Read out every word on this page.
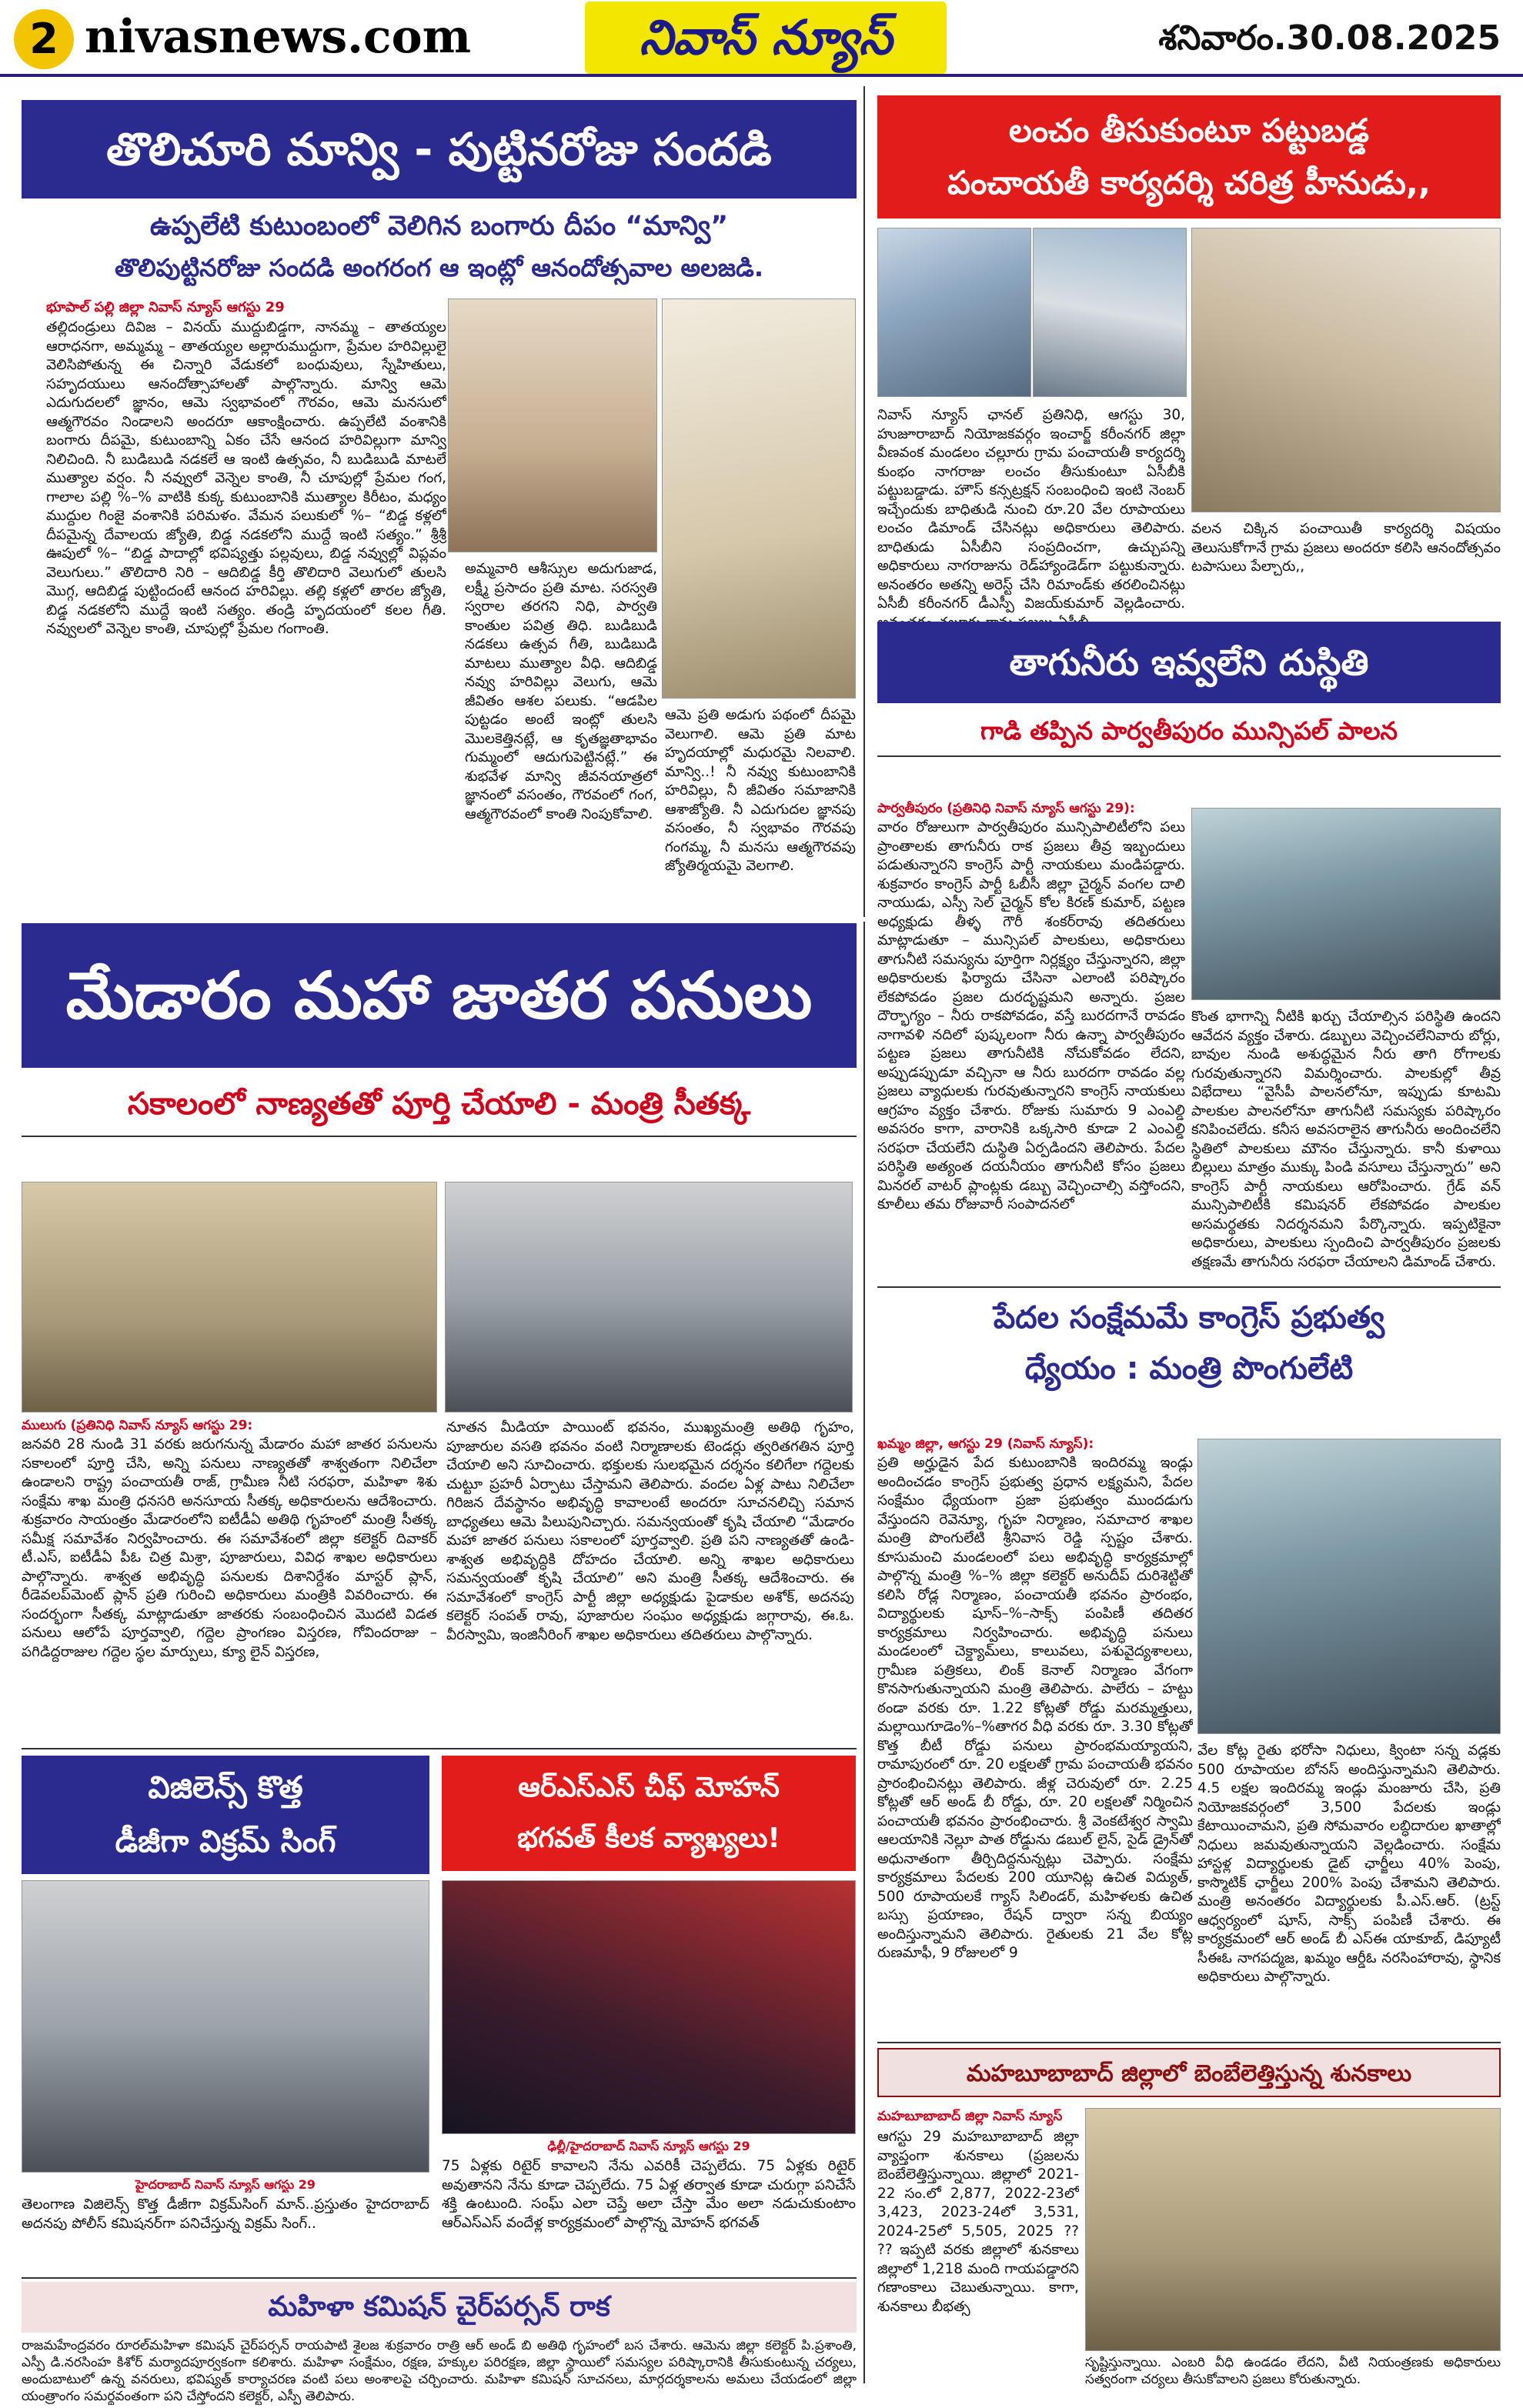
2 nivasnews.com	నివాస్ న్యూస్	శనివారం.30.08.2025
తొలిచూరి మాన్వి - పుట్టినరోజు సందడి
ఉప్పలేటి కుటుంబంలో వెలిగిన బంగారు దీపం “మాన్వి”
తొలిపుట్టినరోజు సందడి అంగరంగ ఆ ఇంట్లో ఆనందోత్సవాల అలజడి.
భూపాల్ పల్లి జిల్లా నివాస్ న్యూస్ ఆగస్టు 29
తల్లిదండ్రులు దివిజ – వినయ్ ముద్దుబిడ్డగా, నానమ్మ – తాతయ్యల ఆరాధనగా, అమ్మమ్మ – తాతయ్యల అల్లారుముద్దుగా, ప్రేమల హరివిల్లులై వెలిసిపోతున్న ఈ చిన్నారి వేడుకలో బంధువులు, స్నేహితులు, సహృదయులు ఆనందోత్సాహాలతో పాల్గొన్నారు. మాన్వి ఆమె ఎదుగుదలలో జ్ఞానం, ఆమె స్వభావంలో గౌరవం, ఆమె మనసులో ఆత్మగౌరవం నిండాలని అందరూ ఆకాంక్షించారు. ఉప్పలేటి వంశానికి బంగారు దీపమై, కుటుంబాన్ని ఏకం చేసే ఆనంద హరివిల్లుగా మాన్వి నిలిచింది. నీ బుడిబుడి నడకలే ఆ ఇంటి ఉత్సవం, నీ బుడిబుడి మాటలే ముత్యాల వర్షం. నీ నవ్వులో వెన్నెల కాంతి, నీ చూపుల్లో ప్రేమల గంగ, గాలాల పల్లి %–% వాటికి కుక్క కుటుంబానికి ముత్యాల కిరీటం, మధ్యం ముద్దుల గింజై వంశానికి పరిమళం. వేమన పలుకులో %– “బిడ్డ కళ్లలో దీపమైన్న దేవాలయ జ్యోతి, బిడ్డ నడకలోని ముద్దే ఇంటి సత్యం.” శ్రీశ్రీ ఊపులో %– “బిడ్డ పాదాల్లో భవిష్యత్తు పల్లవులు, బిడ్డ నవ్వుల్లో విప్లవం వెలుగులు.” తొలిదారి నిరి – ఆదిబిడ్డ కీర్తి తొలిదారి వెలుగులో తులసి మొగ్గ, ఆదిబిడ్డ పుట్టిందంటే ఆనంద హరివిల్లు. తల్లి కళ్లలో తారల జ్యోతి, బిడ్డ నడకలోని ముద్దే ఇంటి సత్యం. తండ్రి హృదయంలో కలల గీతి. నవ్వులలో వెన్నెల కాంతి, చూపుల్లో ప్రేమల గంగాంతి.
అమ్మవారి ఆశీస్సుల అదుగుజాడ, లక్ష్మీ ప్రసాదం ప్రతి మాట. సరస్వతి స్వరాల తరగని నిధి, పార్వతి కాంతుల పవిత్ర తిధి. బుడిబుడి నడకలు ఉత్సవ గీతి, బుడిబుడి మాటలు ముత్యాల వీధి. ఆదిబిడ్డ నవ్వు హరివిల్లు వెలుగు, ఆమె జీవితం ఆశల పలుకు. “ఆడపిల పుట్టడం అంటే ఇంట్లో తులసి మొలకెత్తినట్లే, ఆ కృతజ్ఞతాభావం గుమ్మంలో ఆదుగుపెట్టినట్లే.” ఈ శుభవేళ మాన్వి జీవనయాత్రలో జ్ఞానంలో వసంతం, గౌరవంలో గంగ, ఆత్మగౌరవంలో కాంతి నింపుకోవాలి.
ఆమె ప్రతి అడుగు పథంలో దీపమై వెలుగాలి. ఆమె ప్రతి మాట హృదయాల్లో మధురమై నిలవాలి. మాన్వి..! నీ నవ్వు కుటుంబానికి హరివిల్లు, నీ జీవితం సమాజానికి ఆశాజ్యోతి. నీ ఎదుగుదల జ్ఞానపు వసంతం, నీ స్వభావం గౌరవపు గంగమ్మ, నీ మనసు ఆత్మగౌరవపు జ్యోతిర్మయమై వెలగాలి.
లంచం తీసుకుంటూ పట్టుబడ్డ
పంచాయతీ కార్యదర్శి చరిత్ర హీనుడు,,
నివాస్ న్యూస్ ఛానల్ ప్రతినిధి, ఆగస్టు 30, హుజూరాబాద్ నియోజకవర్గం ఇంచార్జ్ కరీంనగర్ జిల్లా వీణవంక మండలం చల్లూరు గ్రామ పంచాయతీ కార్యదర్శి కుంభం నాగరాజు లంచం తీసుకుంటూ ఏసీబీకి పట్టుబడ్డాడు. హౌస్ కన్సట్రక్షన్ సంబంధించి ఇంటి నెంబర్ ఇచ్చేందుకు బాధితుడి నుంచి రూ.20 వేల రూపాయలు లంచం డిమాండ్ చేసినట్లు అధికారులు తెలిపారు. బాధితుడు ఏసీబీని సంప్రదించగా, ఉచ్చుపన్ని అధికారులు నాగరాజును రెడ్‌హ్యాండెడ్‌గా పట్టుకున్నారు. అనంతరం అతన్ని అరెస్ట్ చేసి రిమాండ్‌కు తరలించినట్లు ఏసీబీ కరీంనగర్ డీఎస్పీ విజయ్‌కుమార్ వెల్లడించారు.
వలన చిక్కిన పంచాయితీ కార్యదర్శి విషయం తెలుసుకోగానే గ్రామ ప్రజలు అందరూ కలిసి ఆనందోత్సవం టపాసులు పేల్చారు,,
తాగునీరు ఇవ్వలేని దుస్థితి
గాడి తప్పిన పార్వతీపురం మున్సిపల్ పాలన
పార్వతీపురం (ప్రతినిధి నివాస్ న్యూస్ ఆగస్టు 29):
వారం రోజులుగా పార్వతీపురం మున్సిపాలిటీలోని పలు ప్రాంతాలకు తాగునీరు రాక ప్రజలు తీవ్ర ఇబ్బందులు పడుతున్నారని కాంగ్రెస్ పార్టీ నాయకులు మండిపడ్డారు. శుక్రవారం కాంగ్రెస్ పార్టీ ఓబీసీ జిల్లా చైర్మన్ వంగల దాలి నాయుడు, ఎస్సీ సెల్ చైర్మన్ కోల కిరణ్ కుమార్, పట్టణ అధ్యక్షుడు తీళ్ళ గౌరీ శంకర్‌రావు తదితరులు మాట్లాడుతూ – మున్సిపల్ పాలకులు, అధికారులు తాగునీటి సమస్యను పూర్తిగా నిర్లక్ష్యం చేస్తున్నారని, జిల్లా అధికారులకు ఫిర్యాదు చేసినా ఎలాంటి పరిష్కారం లేకపోవడం ప్రజల దురదృష్టమని అన్నారు. ప్రజల దౌర్భాగ్యం – నీరు రాకపోవడం, వస్తే బురదగానే రావడం నాగావళి నదిలో పుష్కలంగా నీరు ఉన్నా పార్వతీపురం పట్టణ ప్రజలు తాగునీటికి నోచుకోవడం లేదని, అప్పుడప్పుడూ వచ్చినా ఆ నీరు బురదగా రావడం వల్ల ప్రజలు వ్యాధులకు గురవుతున్నారని కాంగ్రెస్ నాయకులు ఆగ్రహం వ్యక్తం చేశారు. రోజుకు సుమారు 9 ఎంఎల్డి అవసరం కాగా, వారానికి ఒక్కసారి కూడా 2 ఎంఎల్డి సరఫరా చేయలేని దుస్థితి ఏర్పడిందని తెలిపారు. పేదల పరిస్థితి అత్యంత దయనీయం తాగునీటి కోసం ప్రజలు మినరల్ వాటర్ ప్లాంట్లకు డబ్బు వెచ్చించాల్సి వస్తోందని, కూలీలు తమ రోజువారీ సంపాదనలో
కొంత భాగాన్ని నీటికి ఖర్చు చేయాల్సిన పరిస్థితి ఉందని ఆవేదన వ్యక్తం చేశారు. డబ్బులు వెచ్చించలేనివారు బోర్లు, బావుల నుండి అశుద్ధమైన నీరు తాగి రోగాలకు గురవుతున్నారని విమర్శించారు. పాలకుల్లో తీవ్ర విభేదాలు “వైసీపీ పాలనలోనూ, ఇప్పుడు కూటమి పాలకుల పాలనలోనూ తాగునీటి సమస్యకు పరిష్కారం కనిపించలేదు. కనీస అవసరాలైన తాగునీరు అందించలేని స్థితిలో పాలకులు మౌనం చేస్తున్నారు. కానీ కుళాయి బిల్లులు మాత్రం ముక్కు పిండి వసూలు చేస్తున్నారు” అని కాంగ్రెస్ పార్టీ నాయకులు ఆరోపించారు. గ్రేడ్ వన్ మున్సిపాలిటీకి కమిషనర్ లేకపోవడం పాలకుల అసమర్థతకు నిదర్శనమని పేర్కొన్నారు. ఇప్పటికైనా అధికారులు, పాలకులు స్పందించి పార్వతీపురం ప్రజలకు తక్షణమే తాగునీరు సరఫరా చేయాలని డిమాండ్ చేశారు.
మేడారం మహా జాతర పనులు
సకాలంలో నాణ్యతతో పూర్తి చేయాలి - మంత్రి సీతక్క
ములుగు (ప్రతినిధి నివాస్ న్యూస్ ఆగస్టు 29:
జనవరి 28 నుండి 31 వరకు జరుగనున్న మేడారం మహా జాతర పనులను సకాలంలో పూర్తి చేసి, అన్ని పనులు నాణ్యతతో శాశ్వతంగా నిలిచేలా ఉండాలని రాష్ట్ర పంచాయతీ రాజ్, గ్రామీణ నీటి సరఫరా, మహిళా శిశు సంక్షేమ శాఖ మంత్రి ధనసరి అనసూయ సీతక్క అధికారులను ఆదేశించారు. శుక్రవారం సాయంత్రం మేడారంలోని ఐటీడీఏ అతిథి గృహంలో మంత్రి సీతక్క సమీక్ష సమావేశం నిర్వహించారు. ఈ సమావేశంలో జిల్లా కలెక్టర్ దివాకర్ టీ.ఎస్, ఐటీడీఏ పీఓ చిత్ర మిశ్రా, పూజారులు, వివిధ శాఖల అధికారులు పాల్గొన్నారు. శాశ్వత అభివృద్ధి పనులకు దిశానిర్దేశం మాస్టర్ ప్లాన్, రీడెవలప్‌మెంట్ ప్లాన్ ప్రతి గురించి అధికారులు మంత్రికి వివరించారు. ఈ సందర్భంగా సీతక్క మాట్లాడుతూ జాతరకు సంబంధించిన మొదటి విడత పనులు ఆలోపే పూర్తవ్వాలి, గద్దెల ప్రాంగణం విస్తరణ, గోవిందరాజు – పగిడిద్దరాజుల గద్దెల స్థల మార్పులు, క్యూ లైన్ విస్తరణ,
నూతన మీడియా పాయింట్ భవనం, ముఖ్యమంత్రి అతిథి గృహం, పూజారుల వసతి భవనం వంటి నిర్మాణాలకు టెండర్లు త్వరితగతిన పూర్తి చేయాలి అని సూచించారు. భక్తులకు సులభమైన దర్శనం కలిగేలా గద్దెలకు చుట్టూ ప్రహరీ ఏర్పాటు చేస్తామని తెలిపారు. వందల ఏళ్ల పాటు నిలిచేలా గిరిజన దేవస్థానం అభివృద్ధి కావాలంటే అందరూ సూచనలిచ్చి సమాన బాధ్యతలు ఆమె పిలుపునిచ్చారు. సమన్వయంతో కృషి చేయాలి “మేడారం మహా జాతర పనులు సకాలంలో పూర్తవ్వాలి. ప్రతి పని నాణ్యతతో ఉండి-శాశ్వత అభివృద్ధికి దోహదం చేయాలి. అన్ని శాఖల అధికారులు సమన్వయంతో కృషి చేయాలి” అని మంత్రి సీతక్క ఆదేశించారు. ఈ సమావేశంలో కాంగ్రెస్ పార్టీ జిల్లా అధ్యక్షుడు పైడాకుల అశోక్, అదనపు కలెక్టర్ సంపత్ రావు, పూజారుల సంఘం అధ్యక్షుడు జగ్గారావు, ఈ.ఓ. వీరస్వామి, ఇంజినీరింగ్ శాఖల అధికారులు తదితరులు పాల్గొన్నారు.
పేదల సంక్షేమమే కాంగ్రెస్ ప్రభుత్వ
ధ్యేయం : మంత్రి పొంగులేటి
ఖమ్మం జిల్లా, ఆగస్టు 29 (నివాస్ న్యూస్):
ప్రతి అర్హుడైన పేద కుటుంబానికి ఇందిరమ్మ ఇండ్లు అందించడం కాంగ్రెస్ ప్రభుత్వ ప్రధాన లక్ష్యమని, పేదల సంక్షేమం ధ్యేయంగా ప్రజా ప్రభుత్వం ముందడుగు వేస్తుందని రెవెన్యూ, గృహ నిర్మాణం, సమాచార శాఖల మంత్రి పొంగులేటి శ్రీనివాస రెడ్డి స్పష్టం చేశారు. కూసుమంచి మండలంలో పలు అభివృద్ధి కార్యక్రమాల్లో పాల్గొన్న మంత్రి %–% జిల్లా కలెక్టర్ అనుదీప్ దురిశెట్టితో కలిసి రోడ్ల నిర్మాణం, పంచాయతీ భవనం ప్రారంభం, విద్యార్థులకు షూస్–%–సాక్స్ పంపిణీ తదితర కార్యక్రమాలు నిర్వహించారు. అభివృద్ధి పనులు మండలంలో చెక్డ్యామ్‌లు, కాలువలు, పశువైద్యశాలలు, గ్రామీణ పత్రికలు, లింక్ కెనాల్ నిర్మాణం వేగంగా కొనసాగుతున్నాయని మంత్రి తెలిపారు. పాలేరు – హట్టు ఠండా వరకు రూ. 1.22 కోట్లతో రోడ్డు మరమ్మత్తులు, మల్లాయిగూడెం%–%తాగర వీధి వరకు రూ. 3.30 కోట్లతో కొత్త బీటీ రోడ్డు పనులు ప్రారంభమయ్యాయని, రామాపురంలో రూ. 20 లక్షలతో గ్రామ పంచాయతీ భవనం ప్రారంభించినట్లు తెలిపారు. జీళ్ల చెరువులో రూ. 2.25 కోట్లతో ఆర్ అండ్ బీ రోడ్డు, రూ. 20 లక్షలతో నిర్మించిన పంచాయతీ భవనం ప్రారంభించారు. శ్రీ వెంకటేశ్వర స్వామి ఆలయానికి నెల్లూ పాత రోడ్డును డబుల్ లైన్, సైడ్ డ్రైన్‌తో అధునాతంగా తీర్చిదిద్దనున్నట్లు చెప్పారు. సంక్షేమ కార్యక్రమాలు పేదలకు 200 యూనిట్ల ఉచిత విద్యుత్, 500 రూపాయలకే గ్యాస్ సిలిండర్, మహిళలకు ఉచిత బస్సు ప్రయాణం, రేషన్ ద్వారా సన్న బియ్యం అందిస్తున్నామని తెలిపారు. రైతులకు 21 వేల కోట్ల రుణమాఫీ, 9 రోజులలో 9
వేల కోట్ల రైతు భరోసా నిధులు, క్వింటా సన్న వడ్లకు 500 రూపాయల బోనస్ అందిస్తున్నామని తెలిపారు. 4.5 లక్షల ఇందిరమ్మ ఇండ్లు మంజూరు చేసి, ప్రతి నియోజకవర్గంలో 3,500 పేదలకు ఇండ్లు కేటాయించామని, ప్రతి సోమవారం లబ్ధిదారుల ఖాతాల్లో నిధులు జమవుతున్నాయని వెల్లడించారు. సంక్షేమ హాస్టళ్ల విద్యార్థులకు డైట్ ఛార్జీలు 40% పెంపు, కాస్మొటిక్ ఛార్జీలు 200% పెంపు చేశామని తెలిపారు. మంత్రి అనంతరం విద్యార్థులకు పీ.ఎస్.ఆర్. (ట్రస్ట్ ఆధ్వర్యంలో షూస్, సాక్స్ పంపిణీ చేశారు. ఈ కార్యక్రమంలో ఆర్ అండ్ బీ ఎస్ఈ యాకూబ్, డిప్యూటీ సీఈఓ నాగపద్మజ, ఖమ్మం ఆర్డీఓ నరసింహారావు, స్థానిక అధికారులు పాల్గొన్నారు.
విజిలెన్స్ కొత్త
డీజీగా విక్రమ్ సింగ్
హైదరాబాద్ నివాస్ న్యూస్ ఆగస్టు 29
తెలంగాణ విజిలెన్స్ కొత్త డీజీగా విక్రమ్‌సింగ్ మాన్..ప్రస్తుతం హైదరాబాద్ అదనపు పోలీస్ కమిషనర్‌గా పనిచేస్తున్న విక్రమ్ సింగ్..
ఆర్ఎస్ఎస్ చీఫ్ మోహన్
భగవత్ కీలక వ్యాఖ్యలు!
ఢిల్లీ/హైదరాబాద్ నివాస్ న్యూస్ ఆగస్టు 29
75 ఏళ్లకు రిటైర్ కావాలని నేను ఎవరికీ చెప్పలేదు. 75 ఏళ్లకు రిటైర్ అవుతానని నేను కూడా చెప్పలేదు. 75 ఏళ్ల తర్వాత కూడా చురుగ్గా పనిచేసే శక్తి ఉంటుంది. సంఘ్ ఎలా చెప్తే అలా చేస్తా మేం అలా నడుచుకుంటాం ఆర్ఎస్ఎస్ వందేళ్ల కార్యక్రమంలో పాల్గొన్న మోహన్ భగవత్
మహబూబాబాద్ జిల్లాలో బెంబేలెత్తిస్తున్న శునకాలు
మహబూబాబాద్ జిల్లా నివాస్ న్యూస్
ఆగస్టు 29 మహబూబాబాద్ జిల్లా వ్యాప్తంగా శునకాలు (ప్రజలను బెంబేలెత్తిస్తున్నాయి. జిల్లాలో 2021-22 సం.లో 2,877, 2022-23లో 3,423, 2023-24లో 3,531, 2024-25లో 5,505, 2025 ?? ?? ఇప్పటి వరకు జిల్లాలో శునకాలు జిల్లాలో 1,218 మంది గాయపడ్డారని గణాంకాలు చెబుతున్నాయి. కాగా, శునకాలు బీభత్స
సృష్టిస్తున్నాయి. ఎంబరి వీధి ఉండడం లేదని, వీటి నియంత్రణకు అధికారులు సత్వరంగా చర్యలు తీసుకోవాలని ప్రజలు కోరుతున్నారు.
మహిళా కమిషన్ చైర్‌పర్సన్ రాక
రాజమహేంద్రవరం రూరల్‌మహిళా కమిషన్ చైర్‌పర్సన్ రాయపాటి శైలజ శుక్రవారం రాత్రి ఆర్ అండ్ బి అతిథి గృహంలో బస చేశారు. ఆమెను జిల్లా కలెక్టర్ పి.ప్రశాంతి, ఎస్పీ డి.నరసింహ కిశోర్ మర్యాదపూర్వకంగా కలిశారు. మహిళా సంక్షేమం, రక్షణ, హక్కుల పరిరక్షణ, జిల్లా స్థాయిలో సమస్యల పరిష్కారానికి తీసుకుంటున్న చర్యలు, అందుబాటులో ఉన్న వనరులు, భవిష్యత్ కార్యాచరణ వంటి పలు అంశాలపై చర్చించారు. మహిళా కమిషన్ సూచనలు, మార్గదర్శకాలను అమలు చేయడంలో జిల్లా యంత్రాంగం సమర్థవంతంగా పని చేస్తోందని కలెక్టర్, ఎస్పీ తెలిపారు.
